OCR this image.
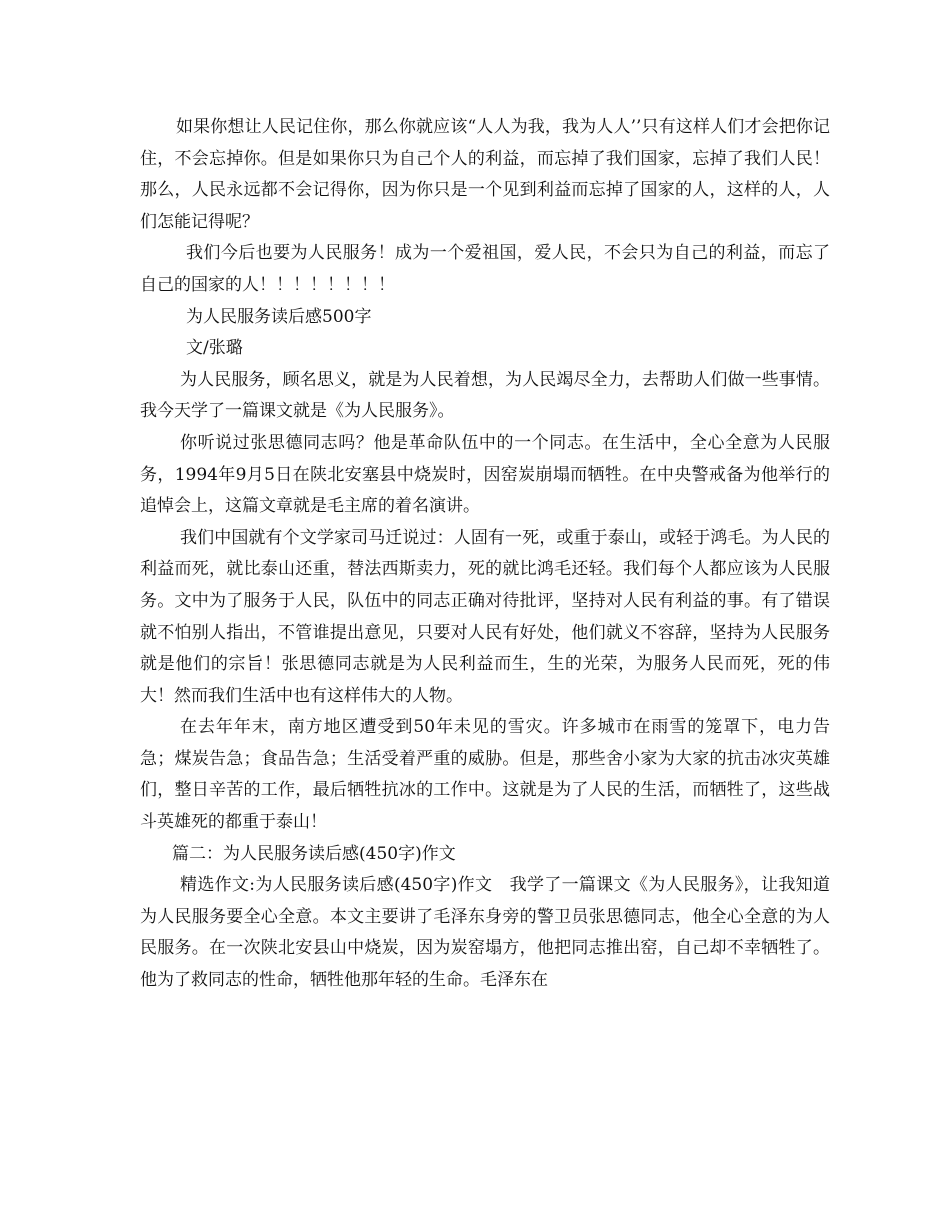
如果你想让人民记住你，那么你就应该“人人为我，我为人人’’只有这样人们才会把你记住，不会忘掉你。但是如果你只为自己个人的利益，而忘掉了我们国家，忘掉了我们人民！那么，人民永远都不会记得你，因为你只是一个见到利益而忘掉了国家的人，这样的人，人们怎能记得呢？

我们今后也要为人民服务！成为一个爱祖国，爱人民，不会只为自己的利益，而忘了自己的国家的人！！！！！！！！

为人民服务读后感500字

文/张璐

为人民服务，顾名思义，就是为人民着想，为人民竭尽全力，去帮助人们做一些事情。我今天学了一篇课文就是《为人民服务》。

你听说过张思德同志吗？他是革命队伍中的一个同志。在生活中，全心全意为人民服务，1994年9月5日在陕北安塞县中烧炭时，因窑炭崩塌而牺牲。在中央警戒备为他举行的追悼会上，这篇文章就是毛主席的着名演讲。

我们中国就有个文学家司马迁说过：人固有一死，或重于泰山，或轻于鸿毛。为人民的利益而死，就比泰山还重，替法西斯卖力，死的就比鸿毛还轻。我们每个人都应该为人民服务。文中为了服务于人民，队伍中的同志正确对待批评，坚持对人民有利益的事。有了错误就不怕别人指出，不管谁提出意见，只要对人民有好处，他们就义不容辞，坚持为人民服务就是他们的宗旨！张思德同志就是为人民利益而生，生的光荣，为服务人民而死，死的伟大！然而我们生活中也有这样伟大的人物。

在去年年末，南方地区遭受到50年未见的雪灾。许多城市在雨雪的笼罩下，电力告急；煤炭告急；食品告急；生活受着严重的威胁。但是，那些舍小家为大家的抗击冰灾英雄们，整日辛苦的工作，最后牺牲抗冰的工作中。这就是为了人民的生活，而牺牲了，这些战斗英雄死的都重于泰山！

篇二：为人民服务读后感(450字)作文

精选作文:为人民服务读后感(450字)作文　我学了一篇课文《为人民服务》，让我知道为人民服务要全心全意。本文主要讲了毛泽东身旁的警卫员张思德同志，他全心全意的为人民服务。在一次陕北安县山中烧炭，因为炭窑塌方，他把同志推出窑，自己却不幸牺牲了。他为了救同志的性命，牺牲他那年轻的生命。毛泽东在
